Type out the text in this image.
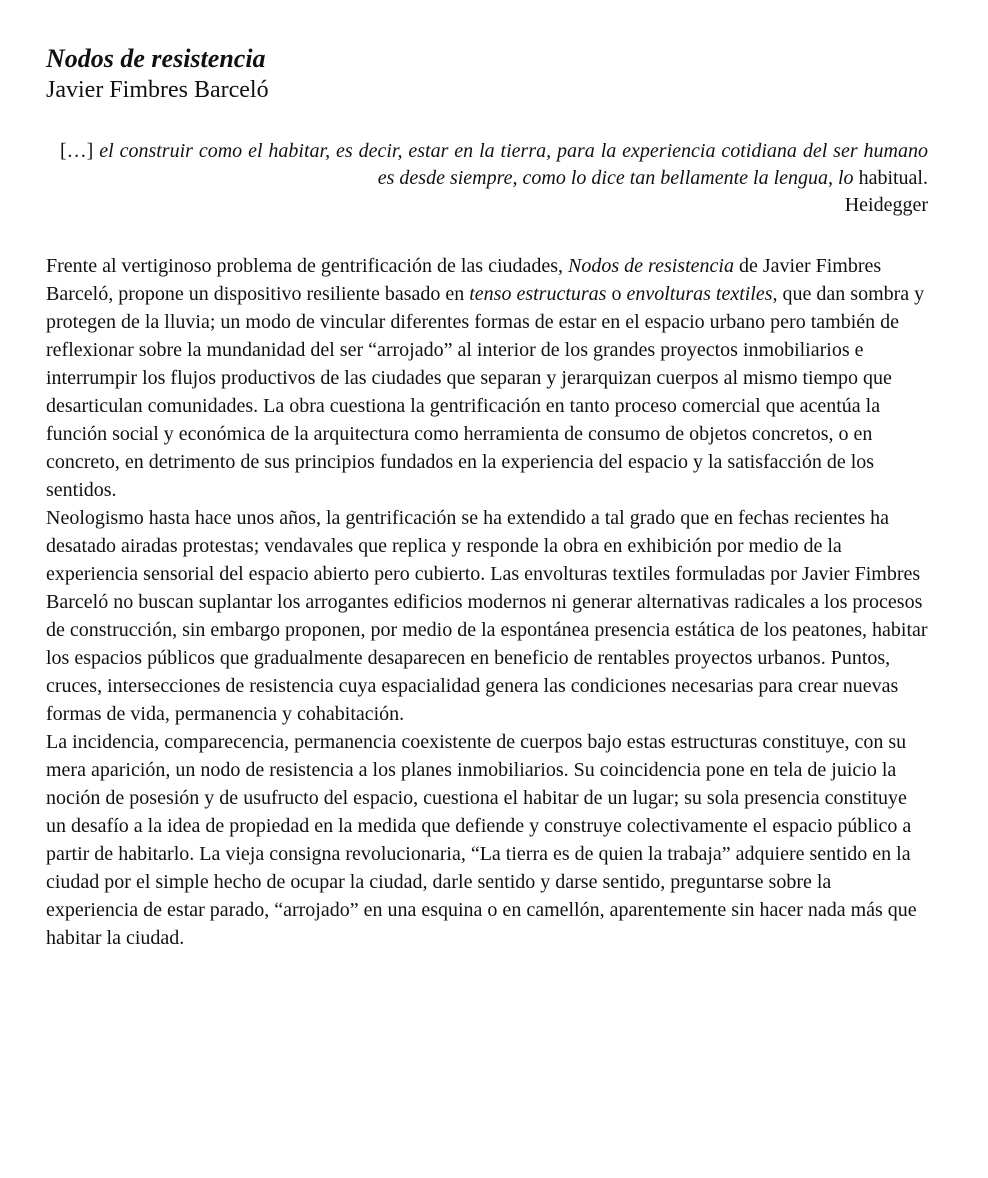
Nodos de resistencia

Javier Fimbres Barceló

[…] el construir como el habitar, es decir, estar en la tierra, para la experiencia cotidiana del ser humano es desde siempre, como lo dice tan bellamente la lengua, lo habitual.
Heidegger

Frente al vertiginoso problema de gentrificación de las ciudades, Nodos de resistencia de Javier Fimbres Barceló, propone un dispositivo resiliente basado en tenso estructuras o envolturas textiles, que dan sombra y protegen de la lluvia; un modo de vincular diferentes formas de estar en el espacio urbano pero también de reflexionar sobre la mundanidad del ser “arrojado” al interior de los grandes proyectos inmobiliarios e interrumpir los flujos productivos de las ciudades que separan y jerarquizan cuerpos al mismo tiempo que desarticulan comunidades. La obra cuestiona la gentrificación en tanto proceso comercial que acentúa la función social y económica de la arquitectura como herramienta de consumo de objetos concretos, o en concreto, en detrimento de sus principios fundados en la experiencia del espacio y la satisfacción de los sentidos.

Neologismo hasta hace unos años, la gentrificación se ha extendido a tal grado que en fechas recientes ha desatado airadas protestas; vendavales que replica y responde la obra en exhibición por medio de la experiencia sensorial del espacio abierto pero cubierto. Las envolturas textiles formuladas por Javier Fimbres Barceló no buscan suplantar los arrogantes edificios modernos ni generar alternativas radicales a los procesos de construcción, sin embargo proponen, por medio de la espontánea presencia estática de los peatones, habitar los espacios públicos que gradualmente desaparecen en beneficio de rentables proyectos urbanos. Puntos, cruces, intersecciones de resistencia cuya espacialidad genera las condiciones necesarias para crear nuevas formas de vida, permanencia y cohabitación.

La incidencia, comparecencia, permanencia coexistente de cuerpos bajo estas estructuras constituye, con su mera aparición, un nodo de resistencia a los planes inmobiliarios. Su coincidencia pone en tela de juicio la noción de posesión y de usufructo del espacio, cuestiona el habitar de un lugar; su sola presencia constituye un desafío a la idea de propiedad en la medida que defiende y construye colectivamente el espacio público a partir de habitarlo. La vieja consigna revolucionaria, “La tierra es de quien la trabaja” adquiere sentido en la ciudad por el simple hecho de ocupar la ciudad, darle sentido y darse sentido, preguntarse sobre la experiencia de estar parado, “arrojado” en una esquina o en camellón, aparentemente sin hacer nada más que habitar la ciudad.
